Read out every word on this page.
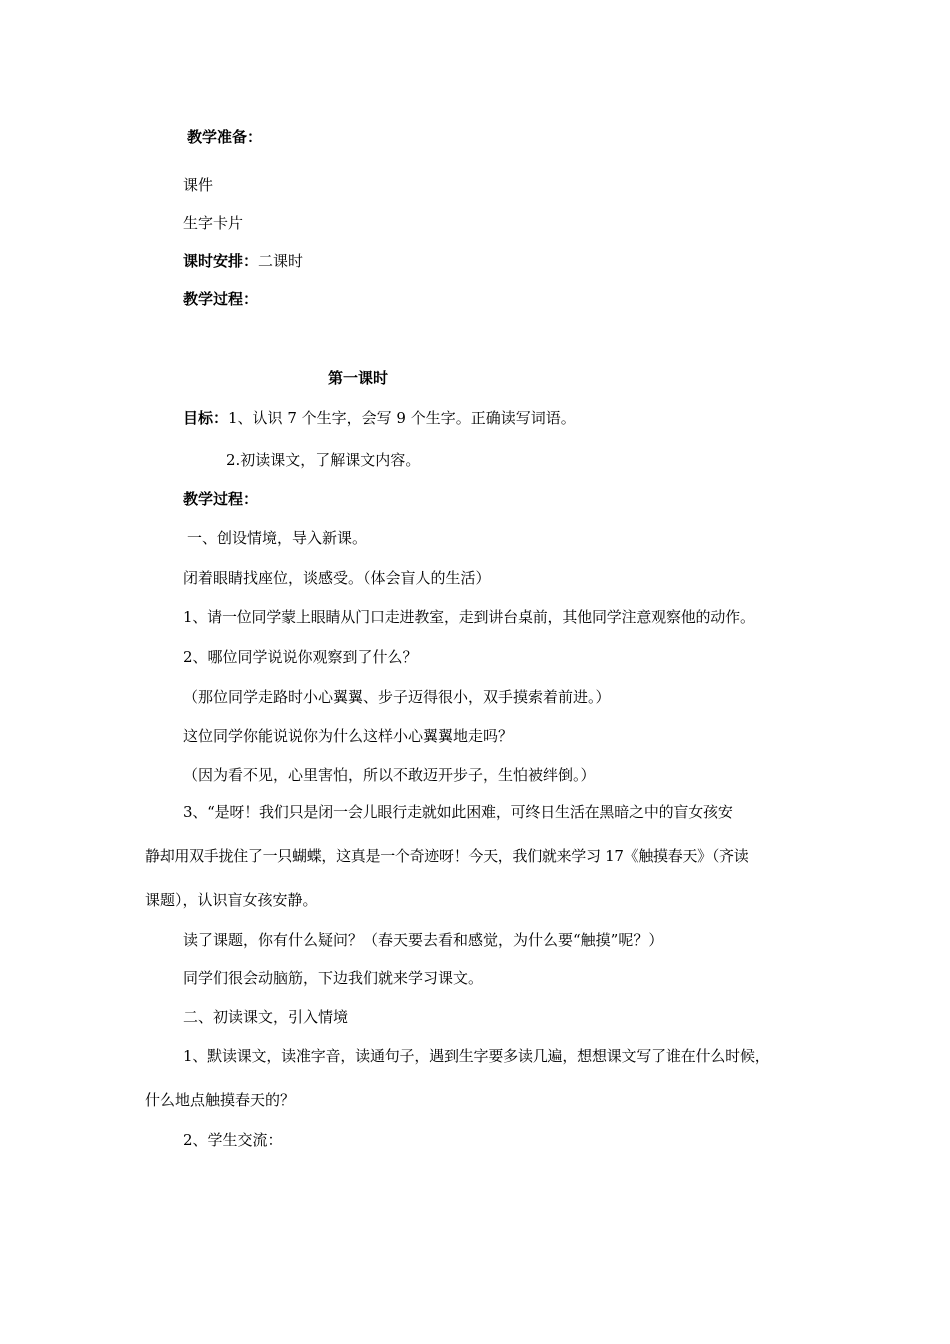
教学准备：
课件
生字卡片
课时安排：二课时
教学过程：
第一课时
目标：1、认识 7 个生字，会写 9 个生字。正确读写词语。
2.初读课文，了解课文内容。
教学过程：
一、创设情境，导入新课。
闭着眼睛找座位，谈感受。（体会盲人的生活）
1、请一位同学蒙上眼睛从门口走进教室，走到讲台桌前，其他同学注意观察他的动作。
2、哪位同学说说你观察到了什么？
（那位同学走路时小心翼翼、步子迈得很小，双手摸索着前进。）
这位同学你能说说你为什么这样小心翼翼地走吗？
（因为看不见，心里害怕，所以不敢迈开步子，生怕被绊倒。）
3、“是呀！我们只是闭一会儿眼行走就如此困难，可终日生活在黑暗之中的盲女孩安
静却用双手拢住了一只蝴蝶，这真是一个奇迹呀！今天，我们就来学习 17《触摸春天》（齐读
课题），认识盲女孩安静。
读了课题，你有什么疑问？（春天要去看和感觉，为什么要“触摸”呢？）
同学们很会动脑筋，下边我们就来学习课文。
二、初读课文，引入情境
1、默读课文，读准字音，读通句子，遇到生字要多读几遍，想想课文写了谁在什么时候，
什么地点触摸春天的？
2、学生交流：
